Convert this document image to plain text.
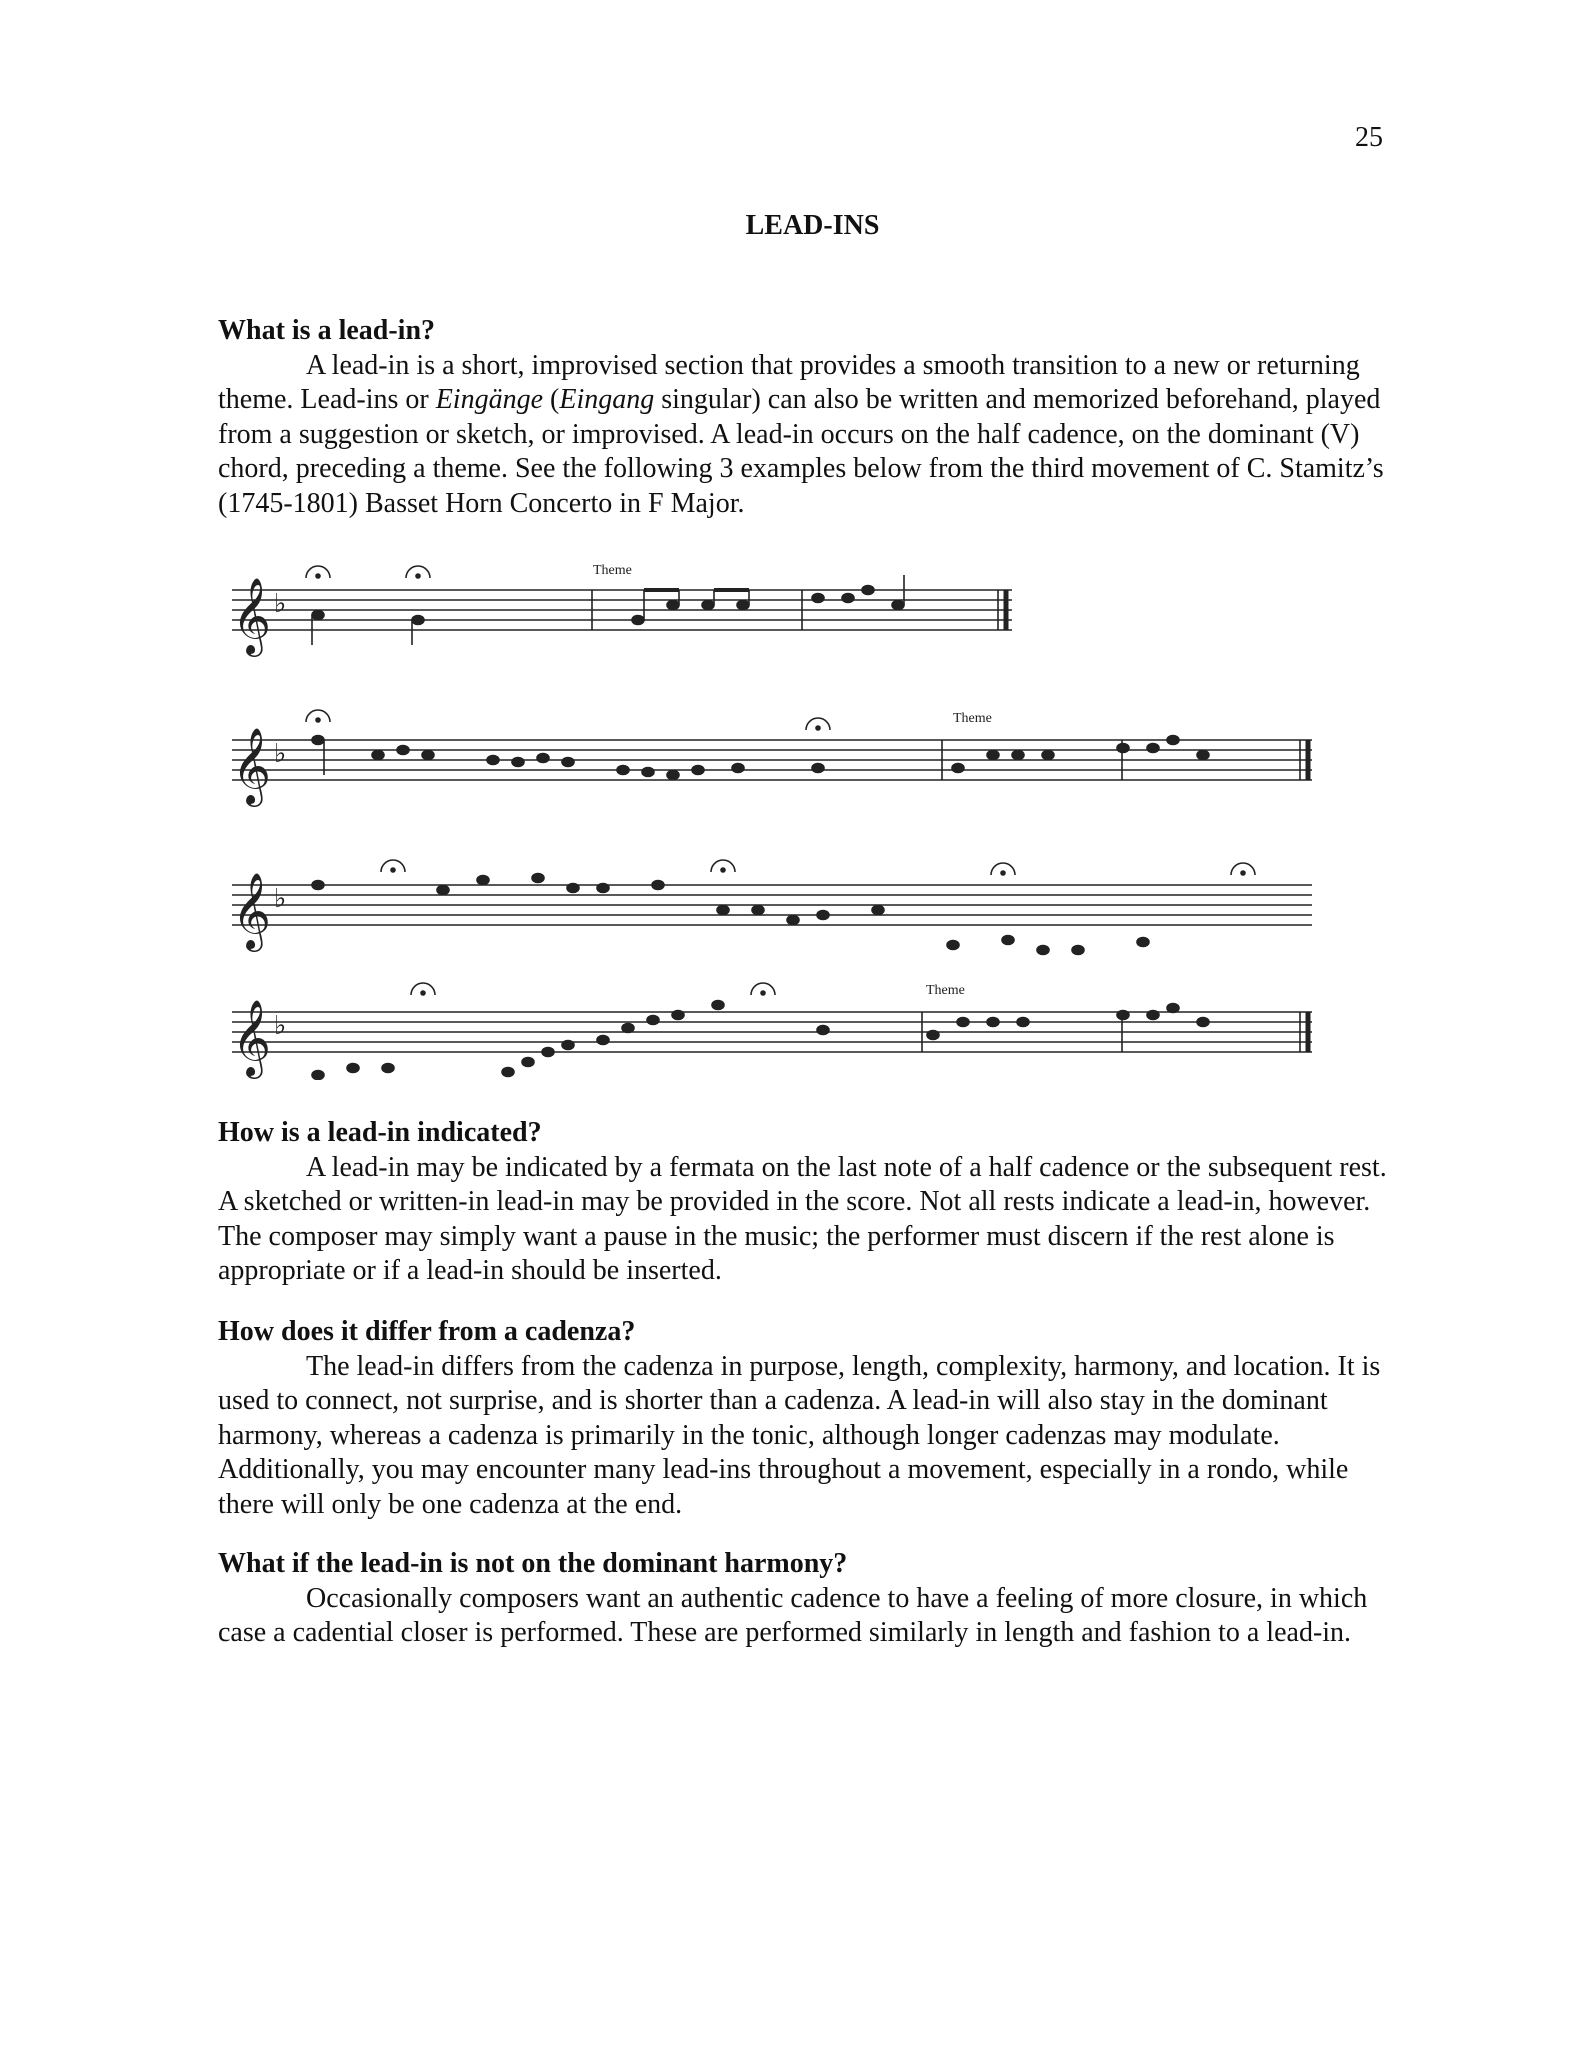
25
LEAD-INS
What is a lead-in?

A lead-in is a short, improvised section that provides a smooth transition to a new or returning theme. Lead-ins or Eingänge (Eingang singular) can also be written and memorized beforehand, played from a suggestion or sketch, or improvised. A lead-in occurs on the half cadence, on the dominant (V) chord, preceding a theme. See the following 3 examples below from the third movement of C. Stamitz’s (1745-1801) Basset Horn Concerto in F Major.

𝄞
𝄞
𝄞
𝄞
♭
♭
♭
♭
Theme
Theme
Theme
How is a lead-in indicated?

A lead-in may be indicated by a fermata on the last note of a half cadence or the subsequent rest. A sketched or written-in lead-in may be provided in the score. Not all rests indicate a lead-in, however. The composer may simply want a pause in the music; the performer must discern if the rest alone is appropriate or if a lead-in should be inserted.

How does it differ from a cadenza?

The lead-in differs from the cadenza in purpose, length, complexity, harmony, and location. It is used to connect, not surprise, and is shorter than a cadenza. A lead-in will also stay in the dominant harmony, whereas a cadenza is primarily in the tonic, although longer cadenzas may modulate. Additionally, you may encounter many lead-ins throughout a movement, especially in a rondo, while there will only be one cadenza at the end.

What if the lead-in is not on the dominant harmony?

Occasionally composers want an authentic cadence to have a feeling of more closure, in which case a cadential closer is performed. These are performed similarly in length and fashion to a lead-in.
